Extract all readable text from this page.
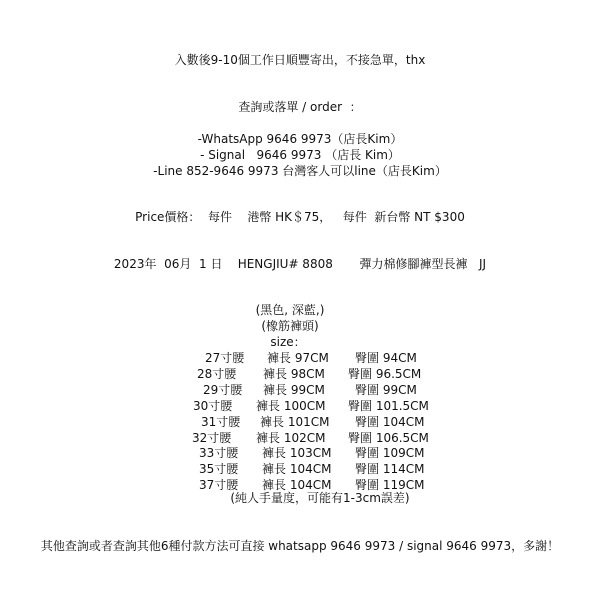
入數後9-10個工作日順豐寄出，不接急單，thx
查詢或落單 / order  ：
-WhatsApp 9646 9973（店長Kim）
- Signal   9646 9973 （店長 Kim）
-Line 852-9646 9973 台灣客人可以line（店長Kim）
Price價格：  每件    港幣 HK＄75，   每件  新台幣 NT $300
2023年  06月  1 日    HENGJIU# 8808       彈力棉修腳褲型長褲   JJ
(黑色, 深藍,)
(橡筋褲頭)
size：
27寸腰 褲長 97CM 臀圍 94CM
28寸腰 褲長 98CM 臀圍 96.5CM
29寸腰 褲長 99CM	臀圍 99CM
30寸腰 褲長 100CM 臀圍 101.5CM
31寸腰 褲長 101CM 臀圍 104CM
32寸腰 褲長 102CM 臀圍 106.5CM
33寸腰 褲長 103CM 臀圍 109CM
35寸腰 褲長 104CM 臀圍 114CM
37寸腰 褲長 104CM 臀圍 119CM
(純人手量度，可能有1-3cm誤差)
其他查詢或者查詢其他6種付款方法可直接 whatsapp 9646 9973 / signal 9646 9973，多謝！
